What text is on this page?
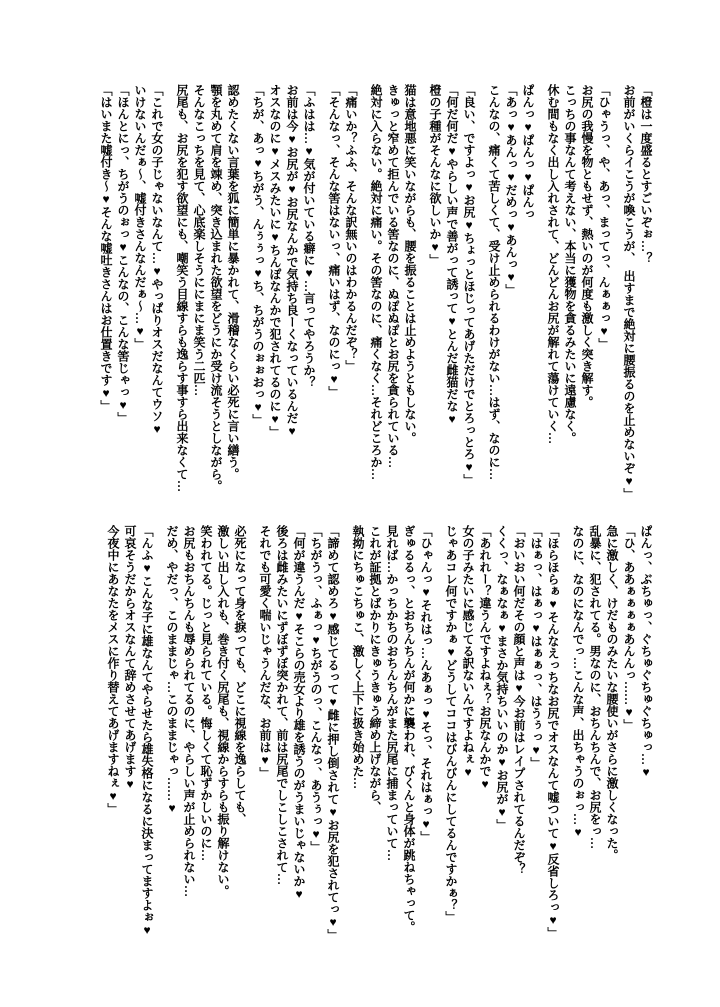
「橙は一度盛るとすごいぞぉ…？

お前がいくらイこうが喚こうが、　出すまで絶対に腰振るのを止めないぞ♥」

「ひゃうっ、や、あっ、まってっ、んぁぁっ♥」

お尻の我慢を物ともせず、熱いのが何度も激しく突き解す。

こっちの事なんて考えない、本当に獲物を貪るみたいに遠慮なく。

休む間もなく出し入れされて、どんどんお尻が解れて蕩けていく…

ぱんっ♥ぱんっ♥ぱんっ

「あっ♥あんっ♥だめっ♥あんっ♥」

こんなの、痛くて苦しくて、受け止められるわけがない…はず、なのに…

「良い、ですよっ♥お尻♥ちょっとほじってあげただけでとろっとろ♥」

「何だ何だ♥やらしい声で善がって誘って♥とんだ雌猫だな♥

橙の子種がそんなに欲しいか♥」

猫は意地悪に笑いながらも、腰を振ることは止めようともしない。

きゅっと窄めて拒んでいる筈なのに、ぬぽぬぽとお尻を貪られている…

絶対に入らない。絶対に痛い。その筈なのに、痛くなく…それどころか…

「痛いか？ふふ、そんな訳無いのはわかるんだぞ？」

「そんなっ、そんな筈はないっ、痛いはず、なのにっ♥」

「ふはは…♥気が付いている癖に♥…言ってやろうか？

お前は今♥お尻が♥お尻なんかで気持ち良ーくなっているんだ♥

オスなのに♥メスみたいに♥ちんぽなんかで犯されてるのに♥」

「ちが、あっ♥ちがう、んぅぅっ♥ち、ちがうのぉぉおっ♥」

認めたくない言葉を狐に簡単に暴かれて、滑稽なくらい必死に言い繕う。

顎を丸めて肩を竦め、突き込まれた欲望をどうにか受け流そうとしながら。

そんなこっちを見て、心底楽しそうににまにま笑う二匹…

尻尾も、お尻を犯す欲望にも、嘲笑う目線すらも逸らす事すら出来なくて…

「これで女の子じゃないなんて…♥やっぱりオスだなんてウソ♥

いけないんだぁ〜、嘘付きさんなんだぁ〜…♥」

「ほんとにっ、ちがうのぉっ♥こんなの、こんな筈じゃっ♥」

「はいまた嘘付き〜♥そんな嘘吐きさんはお仕置きです♥」

ぱんっ、ぶちゅっ、ぐちゅぐちゅぐちゅっ…♥

「ひ、ああぁぁぁぁあんんっ……♥」

急に激しく、けだものみたいな腰使いがさらに激しくなった。

乱暴に、犯されてる。男なのに、おちんちんで、お尻をっ…

なのに、なのになんでっ…こんな声、出ちゃうのぉっ…♥

「ほらほらぁ♥そんなえっちなお尻でオスなんて嘘ついて♥反省しろっ♥」

「はぁっ、はぁっ♥はぁぁっ、はうぅっ♥」

「おいおい何だその顔と声は♥今お前はレイプされてるんだぞ？

くくっ、なぁなぁ♥まさか気持ちいいのか♥お尻が♥」

「あれれー？違うんですよねぇ？お尻なんかで♥

女の子みたいに感じてる訳ないんですよねぇ♥

じゃあコレ何ですかぁ♥どうしてココはびんびんにしてるんですかぁ？」

「ひゃんっ♥それはっ…んあぁっ♥そっ、それはぁっ♥」

ぎゅるるっ、とおちんちんが何かに襲われ、びくんと身体が跳ねちゃって。

見れば…かっちかちのおちんちんがまた尻尾に捕まっていて…

これが証拠とばかりにきゅうきゅう締め上げながら、

執拗にちゅこちゅこ、激しく上下に扱き始めた…

「諦めて認めろ♥感じてるって♥雌に押し倒されて♥お尻を犯されてっ♥」

「ちがうっ、ふぁっ♥ちがうのっ、こんなっ、あうぅっ♥」

「何が違うんだ♥そこらの売女より雄を誘うのがうまいじゃないか♥

後ろは雌みたいにずぼずぼ突かれて、前は尻尾でしこしこされて…

それでも可愛く喘いじゃうんだな、お前は♥」

必死になって身を捩っても、どこに視線を逸らしても、

激しい出し入れも、巻き付く尻尾も、視線からすらも振り解けない。

笑われてる。じっと見られている。悔しくて恥ずかしいのに…

お尻もおちんちんも辱められてるのに、やらしい声が止められない…

だめ、やだっ、このままじゃ…このままじゃっ……♥

「んふ♥こんな子に雄なんてやらせたら雄失格になるに決まってますよぉ♥

可哀そうだからオスなんて辞めさせてあげます♥

今夜中にあなたをメスに作り替えてあげますねぇ♥」
